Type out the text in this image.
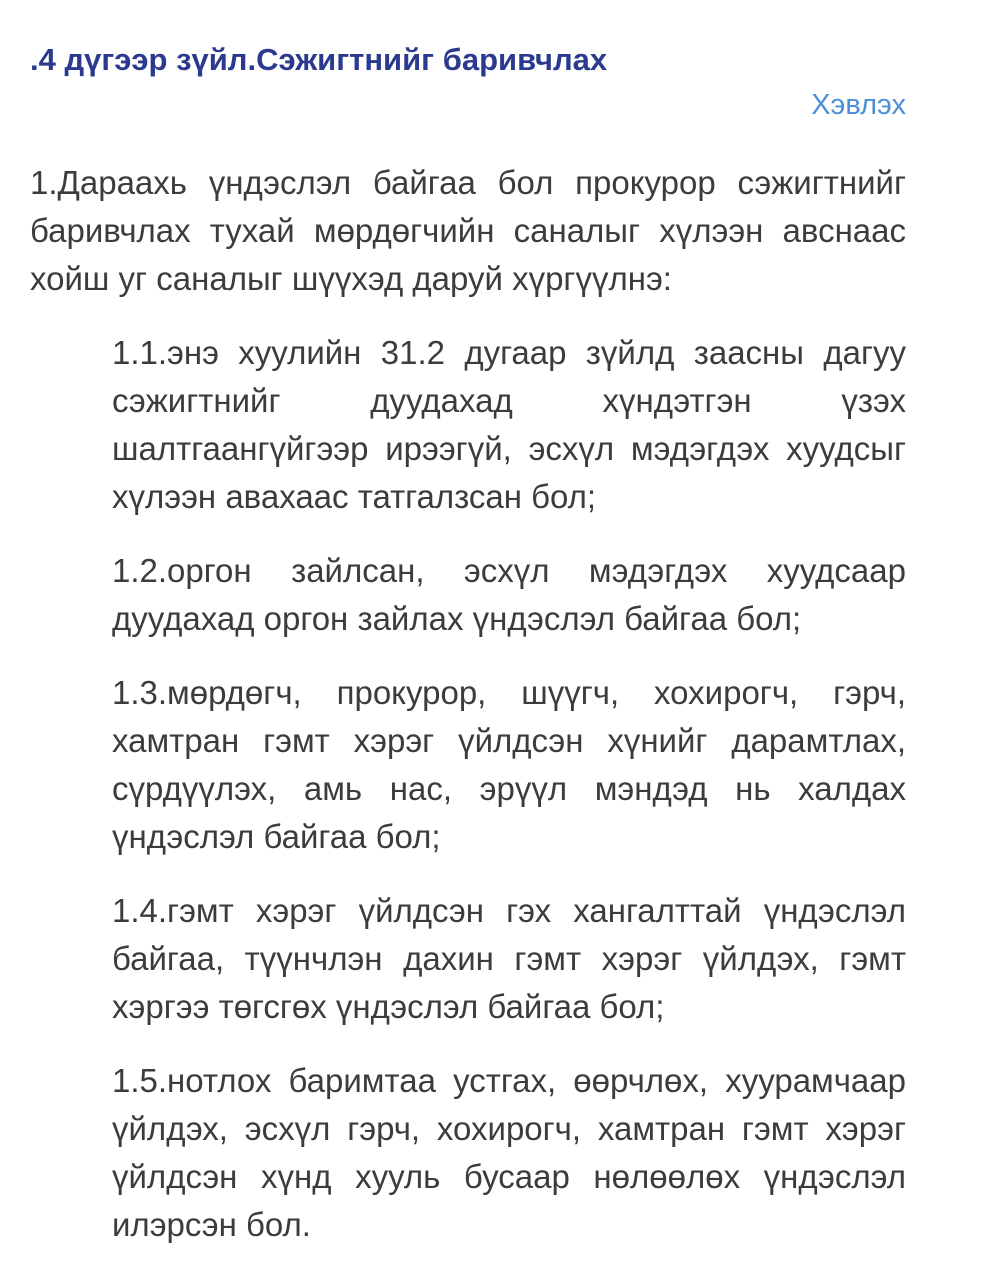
.4 дүгээр зүйл.Сэжигтнийг баривчлах
Хэвлэх

1.Дараахь үндэслэл байгаа бол прокурор сэжигтнийг баривчлах тухай мөрдөгчийн саналыг хүлээн авснаас хойш уг саналыг шүүхэд даруй хүргүүлнэ:

1.1.энэ хуулийн 31.2 дугаар зүйлд заасны дагуу сэжигтнийг дуудахад хүндэтгэн үзэх шалтгаангүйгээр ирээгүй, эсхүл мэдэгдэх хуудсыг хүлээн авахаас татгалзсан бол;

1.2.оргон зайлсан, эсхүл мэдэгдэх хуудсаар дуудахад оргон зайлах үндэслэл байгаа бол;

1.3.мөрдөгч, прокурор, шүүгч, хохирогч, гэрч, хамтран гэмт хэрэг үйлдсэн хүнийг дарамтлах, сүрдүүлэх, амь нас, эрүүл мэндэд нь халдах үндэслэл байгаа бол;

1.4.гэмт хэрэг үйлдсэн гэх хангалттай үндэслэл байгаа, түүнчлэн дахин гэмт хэрэг үйлдэх, гэмт хэргээ төгсгөх үндэслэл байгаа бол;

1.5.нотлох баримтаа устгах, өөрчлөх, хуурамчаар үйлдэх, эсхүл гэрч, хохирогч, хамтран гэмт хэрэг үйлдсэн хүнд хууль бусаар нөлөөлөх үндэслэл илэрсэн бол.
